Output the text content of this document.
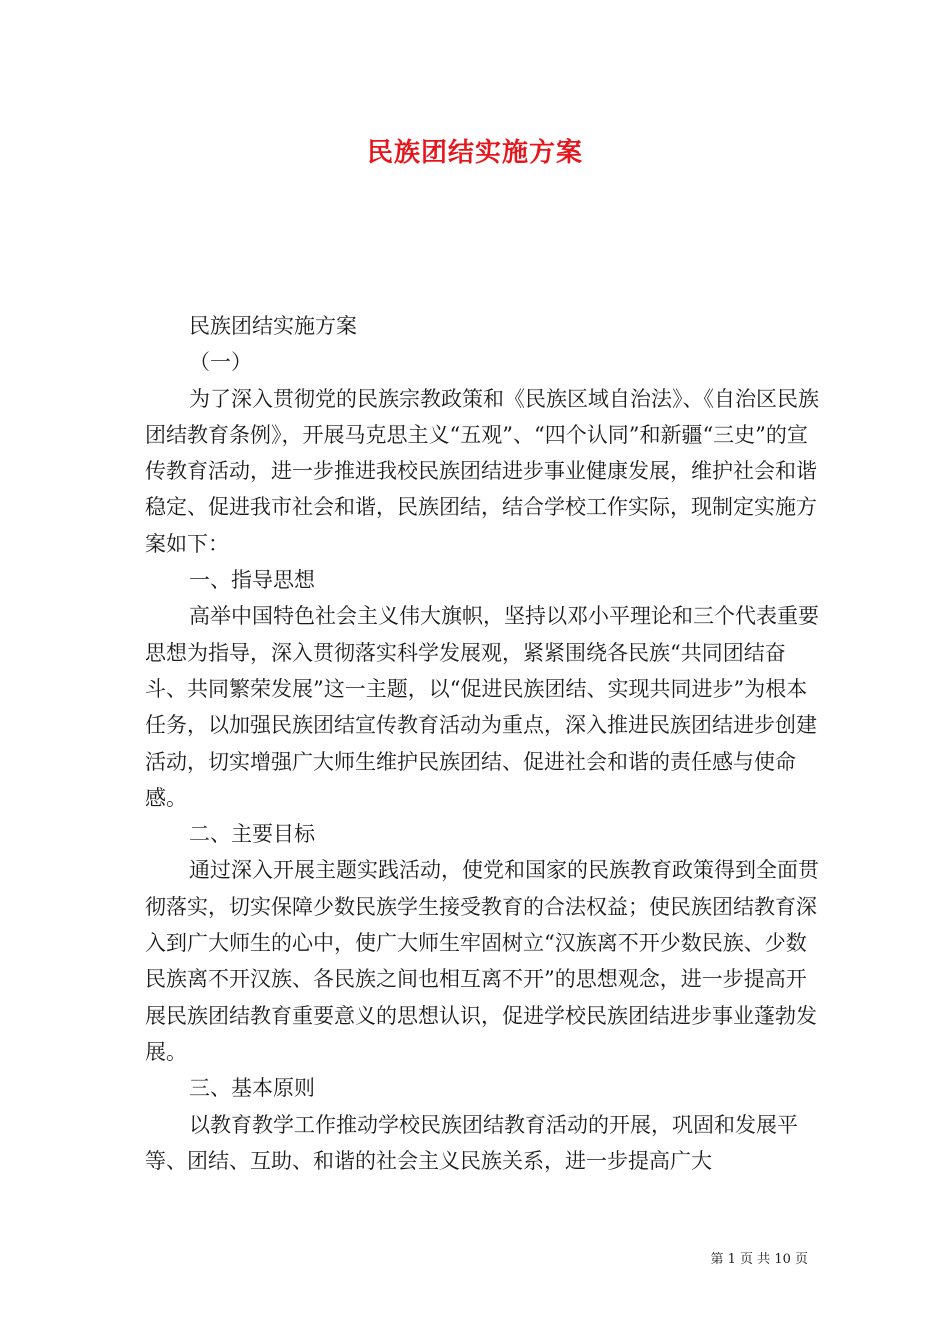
民族团结实施方案

民族团结实施方案

（一）

为了深入贯彻党的民族宗教政策和《民族区域自治法》、《自治区民族团结教育条例》，开展马克思主义“五观”、“四个认同”和新疆“三史”的宣传教育活动，进一步推进我校民族团结进步事业健康发展，维护社会和谐稳定、促进我市社会和谐，民族团结，结合学校工作实际，现制定实施方案如下：

一、指导思想

高举中国特色社会主义伟大旗帜，坚持以邓小平理论和三个代表重要思想为指导，深入贯彻落实科学发展观，紧紧围绕各民族“共同团结奋斗、共同繁荣发展”这一主题，以“促进民族团结、实现共同进步”为根本任务，以加强民族团结宣传教育活动为重点，深入推进民族团结进步创建活动，切实增强广大师生维护民族团结、促进社会和谐的责任感与使命感。

二、主要目标

通过深入开展主题实践活动，使党和国家的民族教育政策得到全面贯彻落实，切实保障少数民族学生接受教育的合法权益；使民族团结教育深入到广大师生的心中，使广大师生牢固树立“汉族离不开少数民族、少数民族离不开汉族、各民族之间也相互离不开”的思想观念，进一步提高开展民族团结教育重要意义的思想认识，促进学校民族团结进步事业蓬勃发展。

三、基本原则

以教育教学工作推动学校民族团结教育活动的开展，巩固和发展平等、团结、互助、和谐的社会主义民族关系，进一步提高广大

第 1 页 共 10 页
